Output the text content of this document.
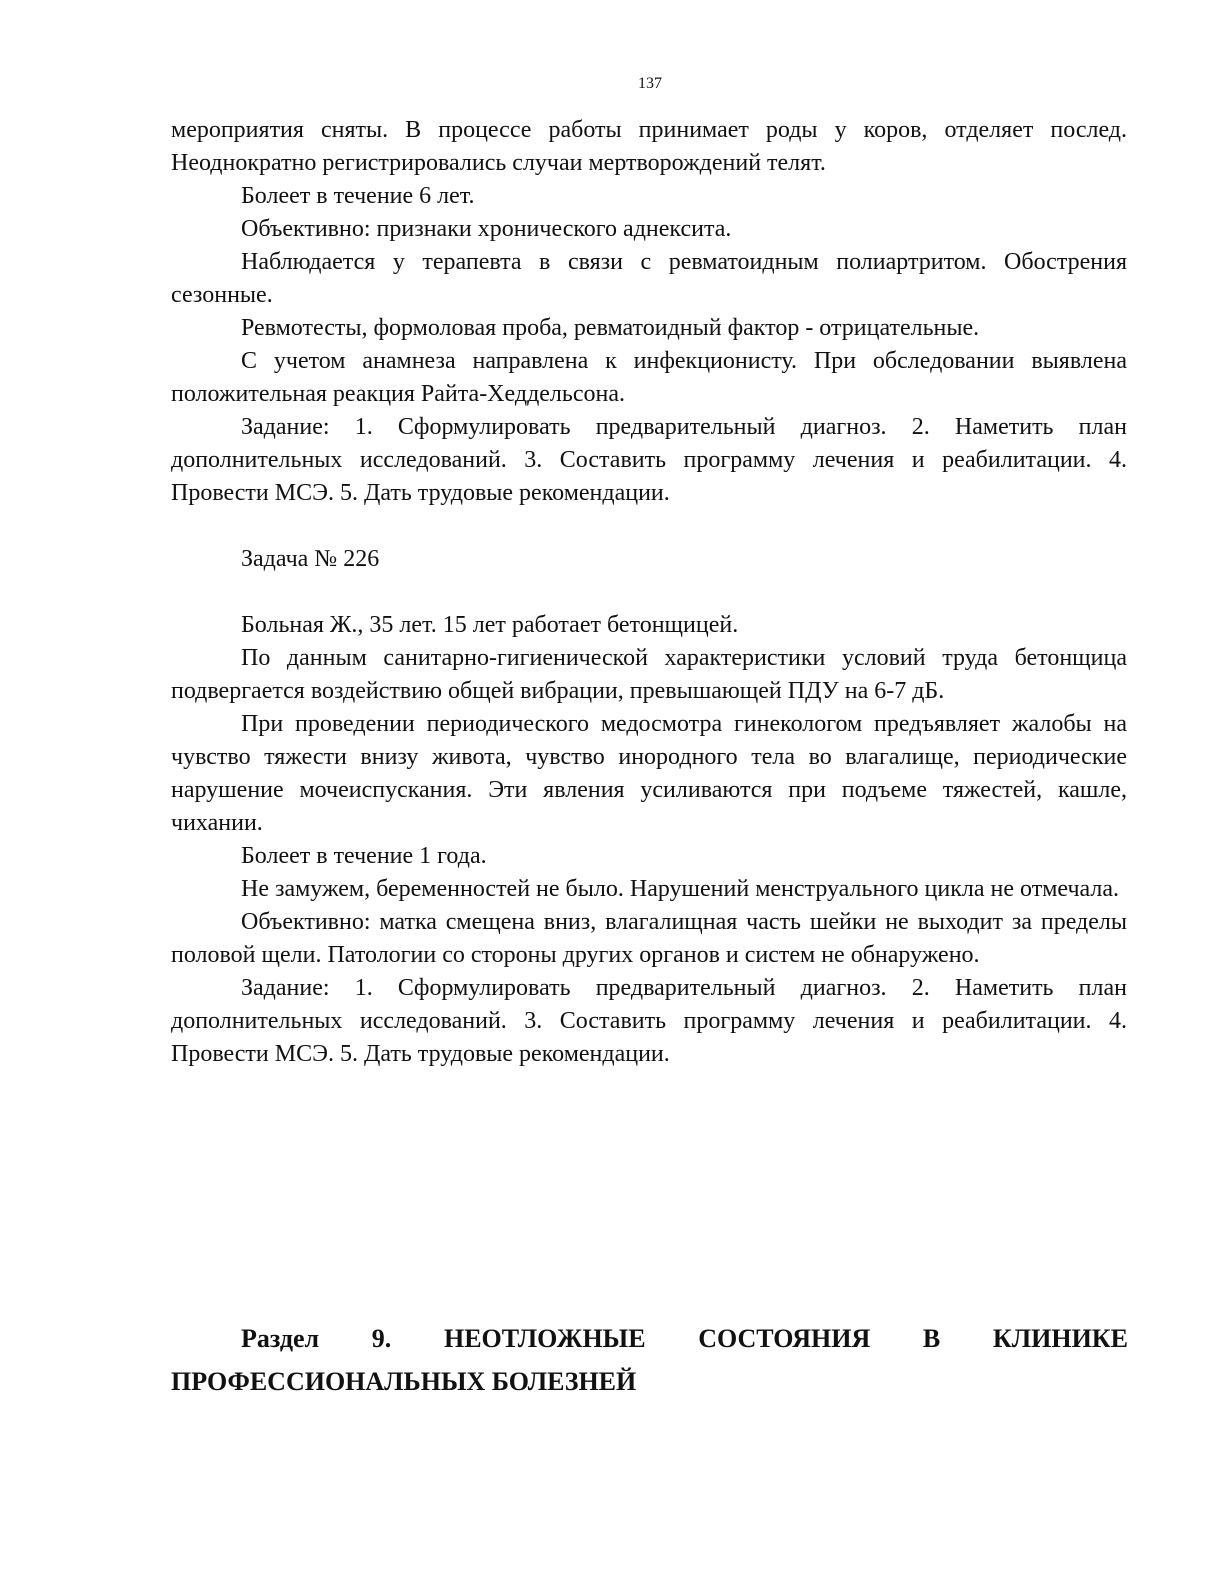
137

мероприятия сняты. В процессе работы принимает роды у коров, отделяет послед. Неоднократно регистрировались случаи мертворождений телят.

Болеет в течение 6 лет.

Объективно: признаки хронического аднексита.

Наблюдается у терапевта в связи с ревматоидным полиартритом. Обострения сезонные.

Ревмотесты, формоловая проба, ревматоидный фактор - отрицательные.

С учетом анамнеза направлена к инфекционисту. При обследовании выявлена положительная реакция Райта-Хеддельсона.

Задание: 1. Сформулировать предварительный диагноз. 2. Наметить план дополнительных исследований. 3. Составить программу лечения и реабилитации. 4. Провести МСЭ. 5. Дать трудовые рекомендации.

Задача № 226

Больная Ж., 35 лет. 15 лет работает бетонщицей.

По данным санитарно-гигиенической характеристики условий труда бетонщица подвергается воздействию общей вибрации, превышающей ПДУ на 6-7 дБ.

При проведении периодического медосмотра гинекологом предъявляет жалобы на чувство тяжести внизу живота, чувство инородного тела во влагалище, периодические нарушение мочеиспускания. Эти явления усиливаются при подъеме тяжестей, кашле, чихании.

Болеет в течение 1 года.

Не замужем, беременностей не было. Нарушений менструального цикла не отмечала.

Объективно: матка смещена вниз, влагалищная часть шейки не выходит за пределы половой щели. Патологии со стороны других органов и систем не обнаружено.

Задание: 1. Сформулировать предварительный диагноз. 2. Наметить план дополнительных исследований. 3. Составить программу лечения и реабилитации. 4. Провести МСЭ. 5. Дать трудовые рекомендации.

Раздел 9. НЕОТЛОЖНЫЕ СОСТОЯНИЯ В КЛИНИКЕ ПРОФЕССИОНАЛЬНЫХ БОЛЕЗНЕЙ
